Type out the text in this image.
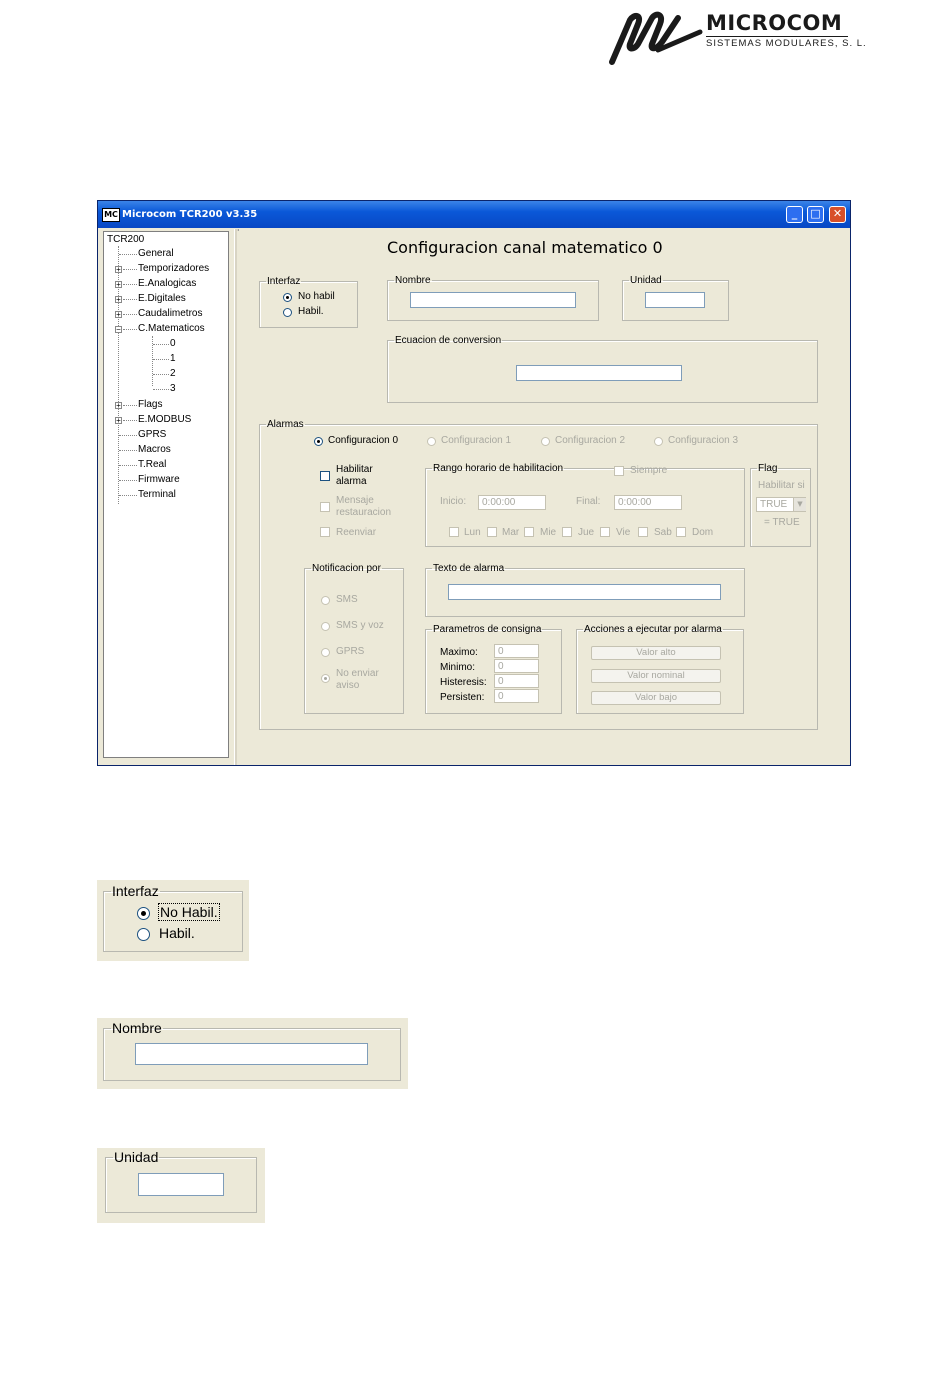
MICROCOM
SISTEMAS MODULARES, S. L.
MC Microcom TCR200 v3.35	_	□	✕
TCR200
General
+ Temporizadores
+ E.Analogicas
+ E.Digitales
+ Caudalimetros
− C.Matematicos
0
1
2
3
+ Flags
+ E.MODBUS
GPRS
Macros
T.Real
Firmware
Terminal
Configuracion canal matematico 0
Interfaz
No habil
Habil.
Nombre	Unidad
Ecuacion de conversion
Alarmas
Configuracion 0	Configuracion 1	Configuracion 2	Configuracion 3
Habilitar
alarma
Mensaje
restauracion
Reenviar
Rango horario de habilitacion	Siempre
Inicio:	0:00:00	Final:	0:00:00
Lun Mar Mie Jue Vie Sab Dom
Flag
Habilitar si
TRUE	▼
= TRUE
Notificacion por
SMS
SMS y voz
GPRS
No enviar
aviso
Texto de alarma
Parametros de consigna
Maximo:	0
Minimo:	0
Histeresis:	0
Persisten:	0
Acciones a ejecutar por alarma
Valor alto
Valor nominal
Valor bajo
Interfaz
No Habil.
Habil.
Nombre
Unidad
